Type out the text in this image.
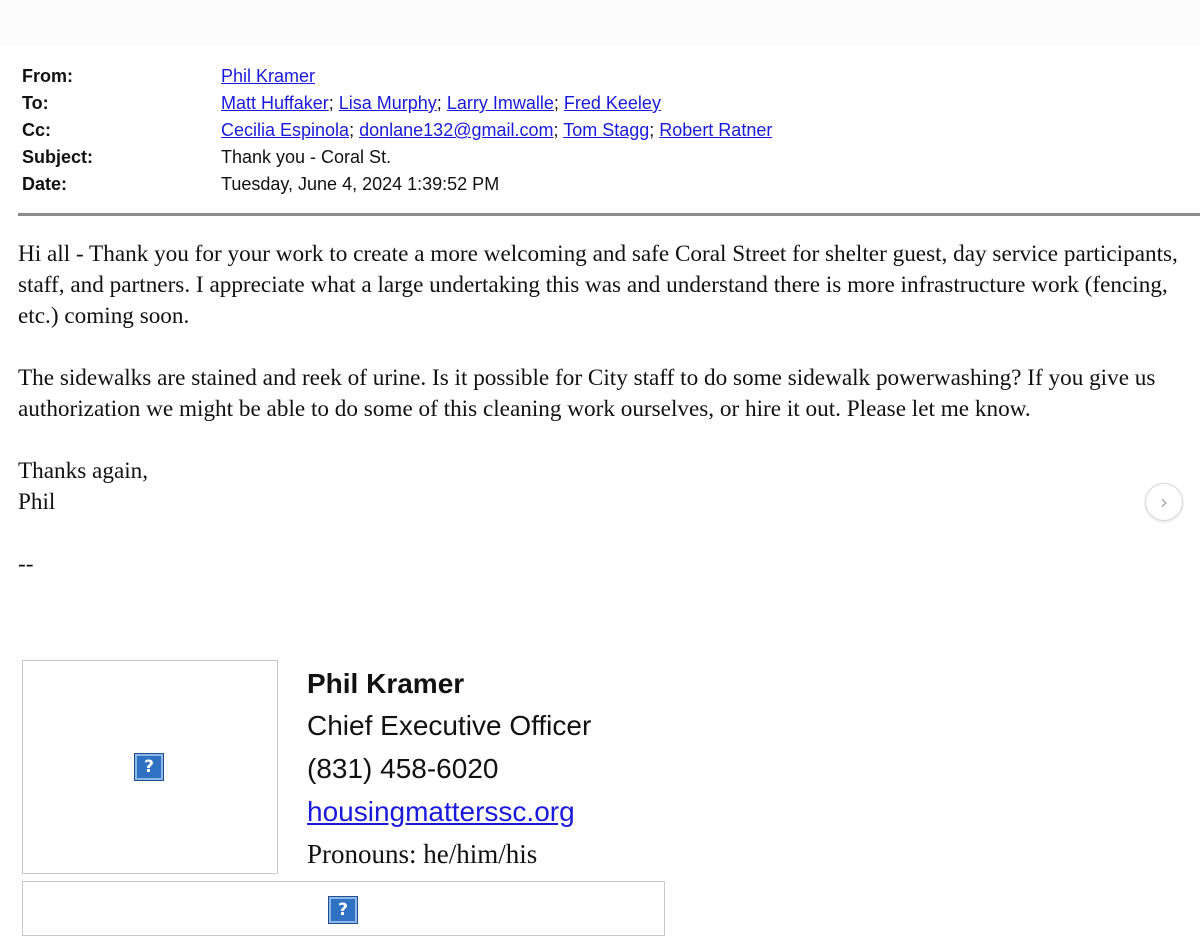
From:	Phil Kramer
To:	Matt Huffaker; Lisa Murphy; Larry Imwalle; Fred Keeley
Cc:	Cecilia Espinola; donlane132@gmail.com; Tom Stagg; Robert Ratner
Subject:	Thank you - Coral St.
Date:	Tuesday, June 4, 2024 1:39:52 PM

Hi all - Thank you for your work to create a more welcoming and safe Coral Street for shelter guest, day service participants, staff, and partners. I appreciate what a large undertaking this was and understand there is more infrastructure work (fencing, etc.) coming soon.

The sidewalks are stained and reek of urine. Is it possible for City staff to do some sidewalk powerwashing? If you give us authorization we might be able to do some of this cleaning work ourselves, or hire it out. Please let me know.

Thanks again,
Phil

--
›
?
Phil Kramer
Chief Executive Officer
(831) 458-6020
housingmatterssc.org
Pronouns: he/him/his
?
